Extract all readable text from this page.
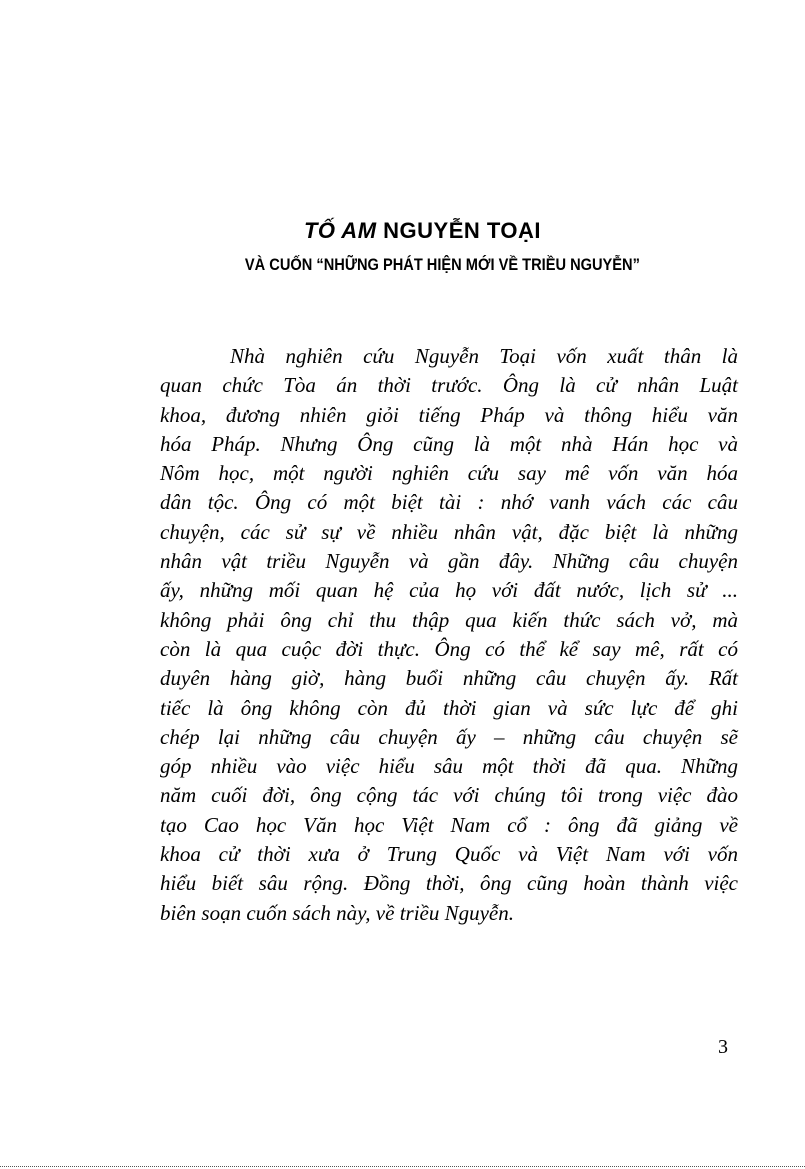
TỐ AM NGUYỄN TOẠI
VÀ CUỐN “NHỮNG PHÁT HIỆN MỚI VỀ TRIỀU NGUYỄN”
Nhà nghiên cứu Nguyễn Toại vốn xuất thân là
quan chức Tòa án thời trước. Ông là cử nhân Luật
khoa, đương nhiên giỏi tiếng Pháp và thông hiểu văn
hóa Pháp. Nhưng Ông cũng là một nhà Hán học và
Nôm học, một người nghiên cứu say mê vốn văn hóa
dân tộc. Ông có một biệt tài : nhớ vanh vách các câu
chuyện, các sử sự về nhiều nhân vật, đặc biệt là những
nhân vật triều Nguyễn và gần đây. Những câu chuyện
ấy, những mối quan hệ của họ với đất nước, lịch sử ...
không phải ông chỉ thu thập qua kiến thức sách vở, mà
còn là qua cuộc đời thực. Ông có thể kể say mê, rất có
duyên hàng giờ, hàng buổi những câu chuyện ấy. Rất
tiếc là ông không còn đủ thời gian và sức lực để ghi
chép lại những câu chuyện ấy – những câu chuyện sẽ
góp nhiều vào việc hiểu sâu một thời đã qua. Những
năm cuối đời, ông cộng tác với chúng tôi trong việc đào
tạo Cao học Văn học Việt Nam cổ : ông đã giảng về
khoa cử thời xưa ở Trung Quốc và Việt Nam với vốn
hiểu biết sâu rộng. Đồng thời, ông cũng hoàn thành việc
biên soạn cuốn sách này, về triều Nguyễn.
3
